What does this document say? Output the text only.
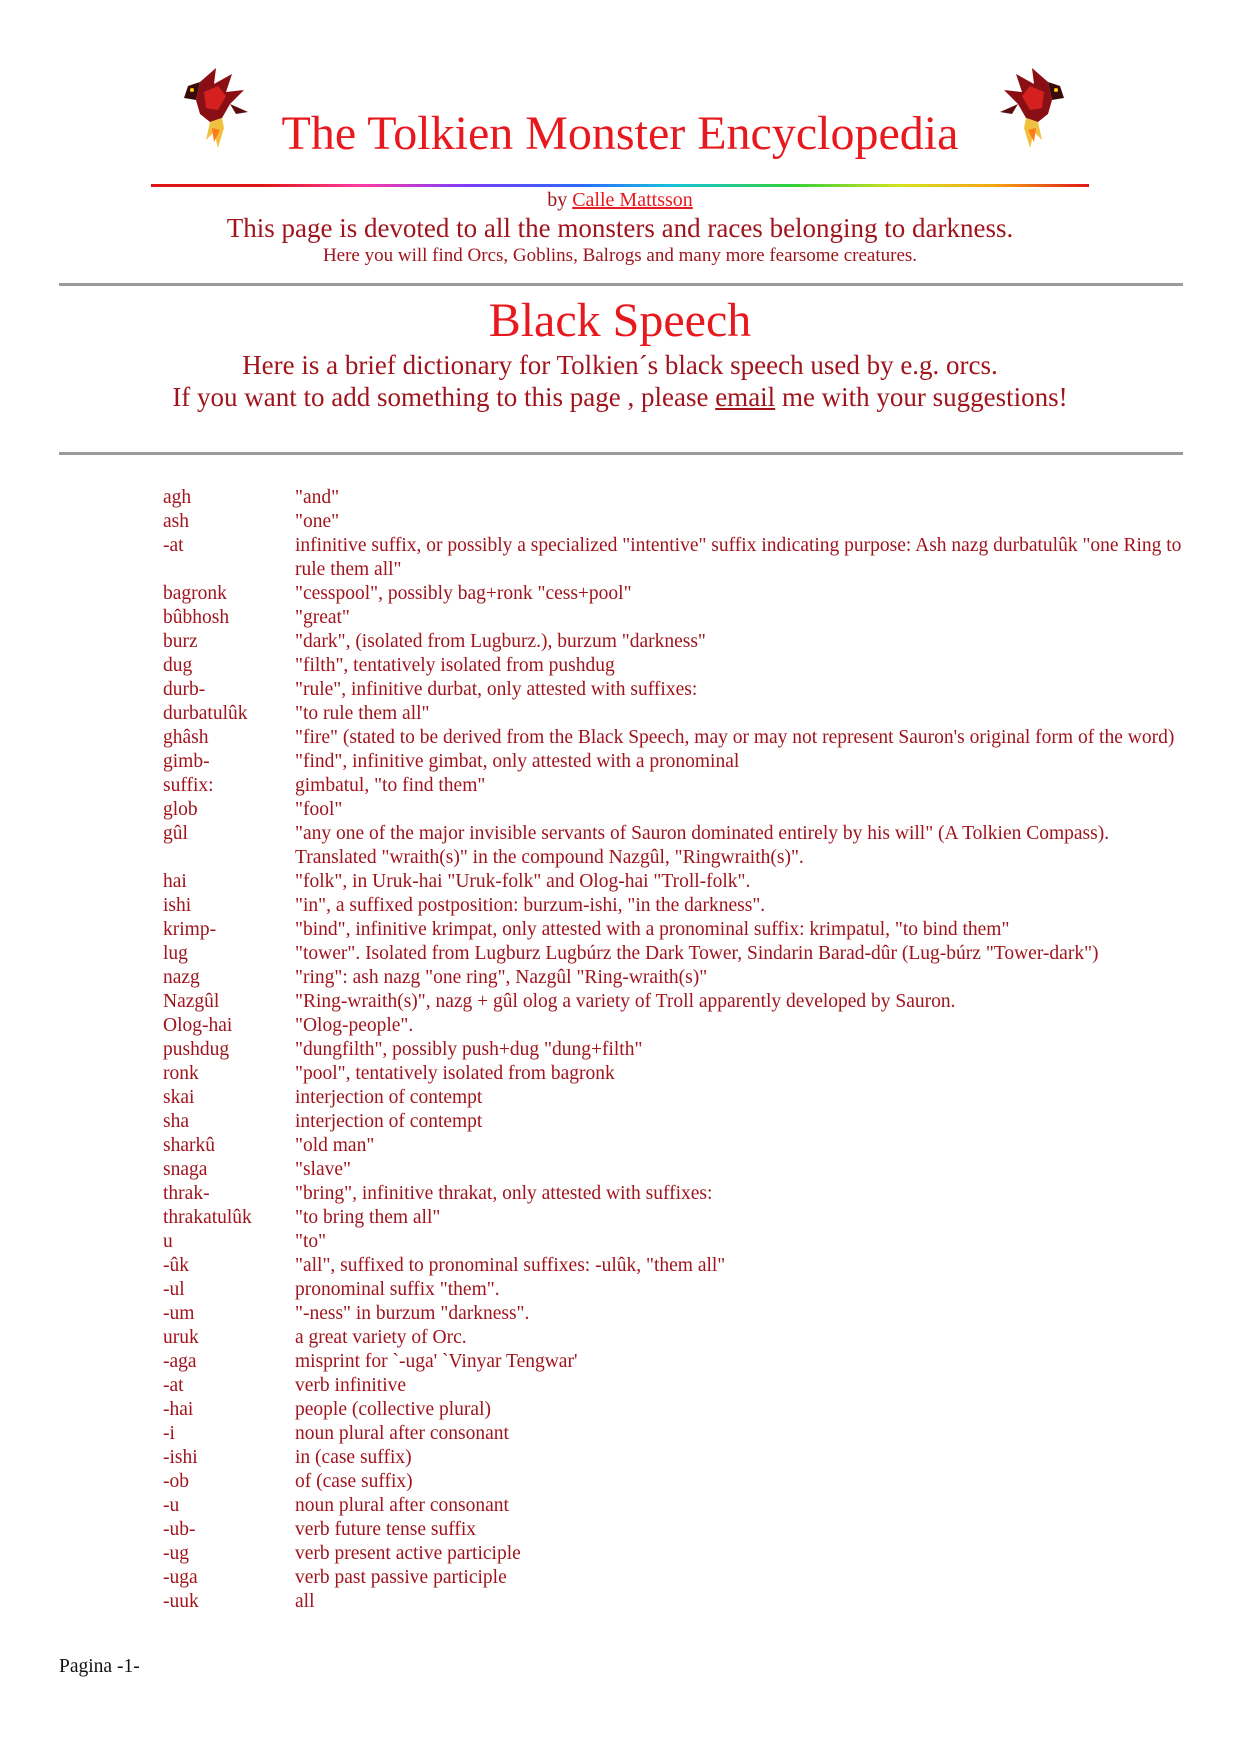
The Tolkien Monster Encyclopedia
by Calle Mattsson
This page is devoted to all the monsters and races belonging to darkness.
Here you will find Orcs, Goblins, Balrogs and many more fearsome creatures.
Black Speech
Here is a brief dictionary for Tolkien´s black speech used by e.g. orcs.
If you want to add something to this page , please email me with your suggestions!
agh	"and"
ash	"one"
-at	infinitive suffix, or possibly a specialized "intentive" suffix indicating purpose: Ash nazg durbatulûk "one Ring to rule them all"
bagronk	"cesspool", possibly bag+ronk "cess+pool"
bûbhosh	"great"
burz	"dark", (isolated from Lugburz.), burzum "darkness"
dug	"filth", tentatively isolated from pushdug
durb-	"rule", infinitive durbat, only attested with suffixes:
durbatulûk	"to rule them all"
ghâsh	"fire" (stated to be derived from the Black Speech, may or may not represent Sauron's original form of the word)
gimb-	"find", infinitive gimbat, only attested with a pronominal
suffix:	gimbatul, "to find them"
glob	"fool"
gûl	"any one of the major invisible servants of Sauron dominated entirely by his will" (A Tolkien Compass). Translated "wraith(s)" in the compound Nazgûl, "Ringwraith(s)".
hai	"folk", in Uruk-hai "Uruk-folk" and Olog-hai "Troll-folk".
ishi	"in", a suffixed postposition: burzum-ishi, "in the darkness".
krimp-	"bind", infinitive krimpat, only attested with a pronominal suffix: krimpatul, "to bind them"
lug	"tower". Isolated from Lugburz Lugbúrz the Dark Tower, Sindarin Barad-dûr (Lug-búrz "Tower-dark")
nazg	"ring": ash nazg "one ring", Nazgûl "Ring-wraith(s)"
Nazgûl	"Ring-wraith(s)", nazg + gûl olog a variety of Troll apparently developed by Sauron.
Olog-hai	"Olog-people".
pushdug	"dungfilth", possibly push+dug "dung+filth"
ronk	"pool", tentatively isolated from bagronk
skai	interjection of contempt
sha	interjection of contempt
sharkû	"old man"
snaga	"slave"
thrak-	"bring", infinitive thrakat, only attested with suffixes:
thrakatulûk	"to bring them all"
u	"to"
-ûk	"all", suffixed to pronominal suffixes: -ulûk, "them all"
-ul	pronominal suffix "them".
-um	"-ness" in burzum "darkness".
uruk	a great variety of Orc.
-aga	misprint for `-uga' `Vinyar Tengwar'
-at	verb infinitive
-hai	people (collective plural)
-i	noun plural after consonant
-ishi	in (case suffix)
-ob	of (case suffix)
-u	noun plural after consonant
-ub-	verb future tense suffix
-ug	verb present active participle
-uga	verb past passive participle
-uuk	all
Pagina -1-
